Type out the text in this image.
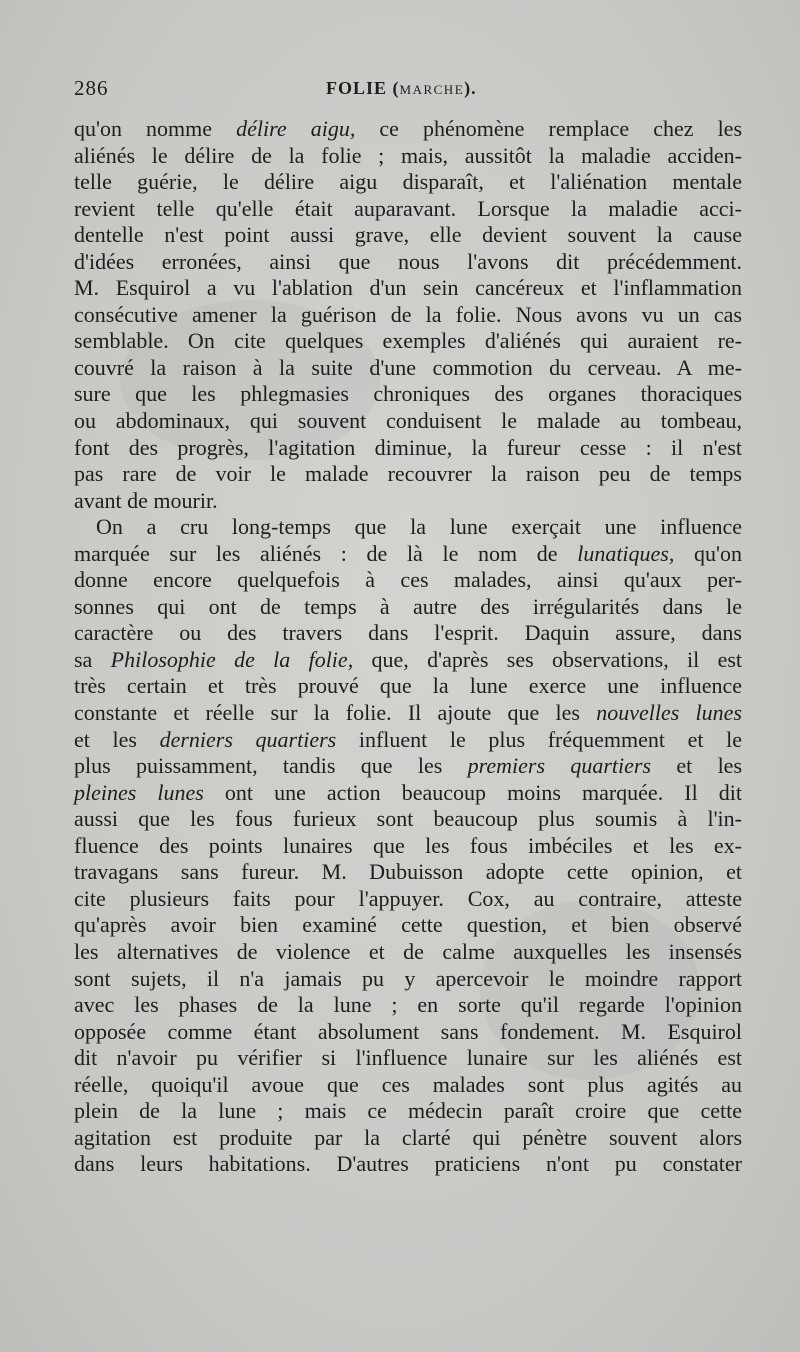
286	FOLIE (MARCHE).
qu'on nomme délire aigu, ce phénomène remplace chez les
aliénés le délire de la folie ; mais, aussitôt la maladie acciden-
telle guérie, le délire aigu disparaît, et l'aliénation mentale
revient telle qu'elle était auparavant. Lorsque la maladie acci-
dentelle n'est point aussi grave, elle devient souvent la cause
d'idées erronées, ainsi que nous l'avons dit précédemment.
M. Esquirol a vu l'ablation d'un sein cancéreux et l'inflammation
consécutive amener la guérison de la folie. Nous avons vu un cas
semblable. On cite quelques exemples d'aliénés qui auraient re-
couvré la raison à la suite d'une commotion du cerveau. A me-
sure que les phlegmasies chroniques des organes thoraciques
ou abdominaux, qui souvent conduisent le malade au tombeau,
font des progrès, l'agitation diminue, la fureur cesse : il n'est
pas rare de voir le malade recouvrer la raison peu de temps
avant de mourir.
On a cru long-temps que la lune exerçait une influence
marquée sur les aliénés : de là le nom de lunatiques, qu'on
donne encore quelquefois à ces malades, ainsi qu'aux per-
sonnes qui ont de temps à autre des irrégularités dans le
caractère ou des travers dans l'esprit. Daquin assure, dans
sa Philosophie de la folie, que, d'après ses observations, il est
très certain et très prouvé que la lune exerce une influence
constante et réelle sur la folie. Il ajoute que les nouvelles lunes
et les derniers quartiers influent le plus fréquemment et le
plus puissamment, tandis que les premiers quartiers et les
pleines lunes ont une action beaucoup moins marquée. Il dit
aussi que les fous furieux sont beaucoup plus soumis à l'in-
fluence des points lunaires que les fous imbéciles et les ex-
travagans sans fureur. M. Dubuisson adopte cette opinion, et
cite plusieurs faits pour l'appuyer. Cox, au contraire, atteste
qu'après avoir bien examiné cette question, et bien observé
les alternatives de violence et de calme auxquelles les insensés
sont sujets, il n'a jamais pu y apercevoir le moindre rapport
avec les phases de la lune ; en sorte qu'il regarde l'opinion
opposée comme étant absolument sans fondement. M. Esquirol
dit n'avoir pu vérifier si l'influence lunaire sur les aliénés est
réelle, quoiqu'il avoue que ces malades sont plus agités au
plein de la lune ; mais ce médecin paraît croire que cette
agitation est produite par la clarté qui pénètre souvent alors
dans leurs habitations. D'autres praticiens n'ont pu constater
